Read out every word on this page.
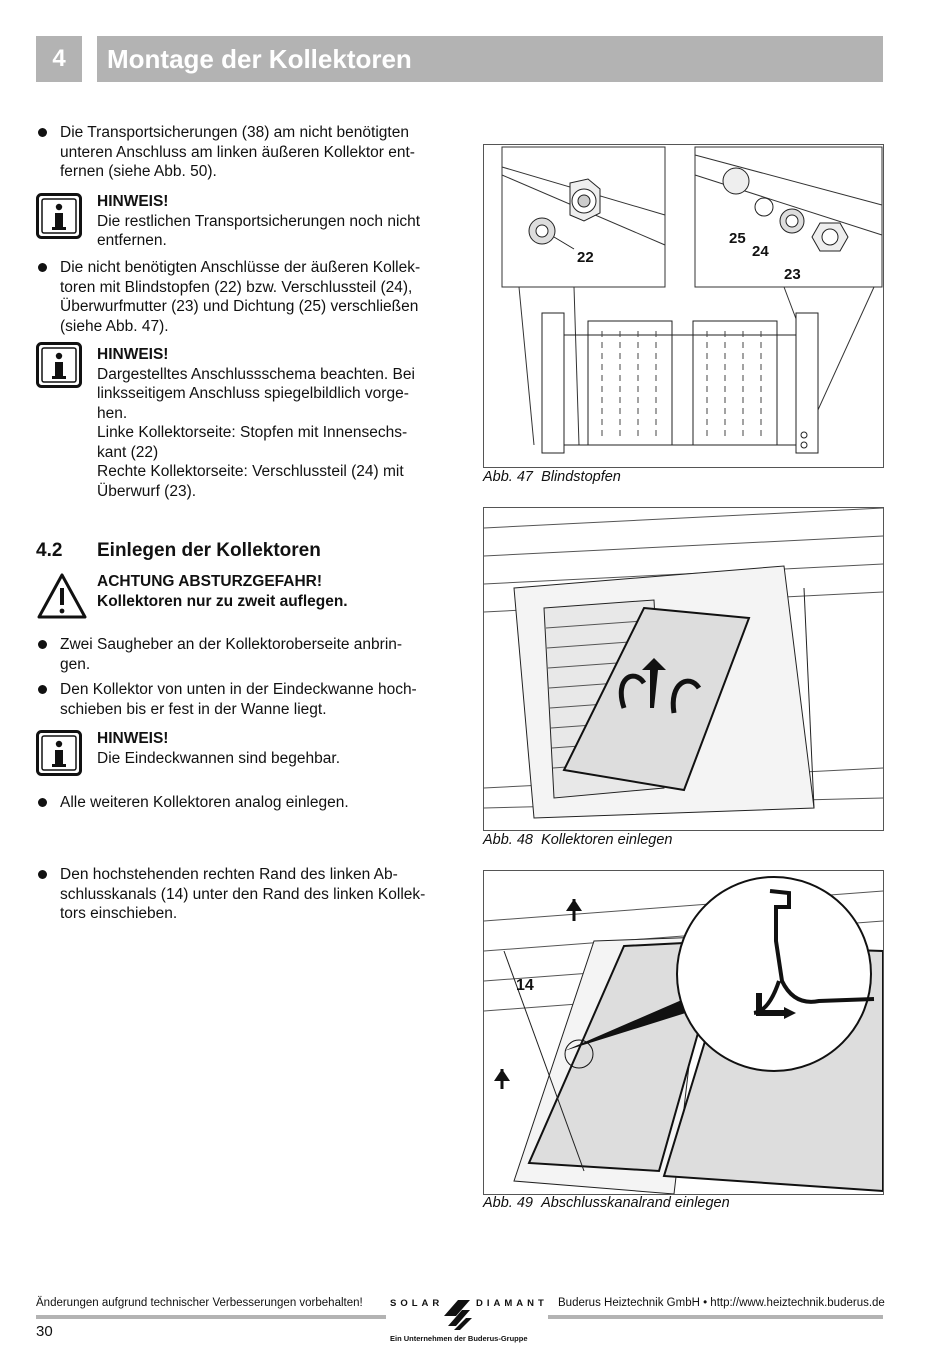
4	Montage der Kollektoren
Die Transportsicherungen (38) am nicht benötigten
unteren Anschluss am linken äußeren Kollektor ent-
fernen (siehe Abb. 50).
HINWEIS!
Die restlichen Transportsicherungen noch nicht
entfernen.
Die nicht benötigten Anschlüsse der äußeren Kollek-
toren mit Blindstopfen (22) bzw. Verschlussteil (24),
Überwurfmutter (23) und Dichtung (25) verschließen
(siehe Abb. 47).
HINWEIS!
Dargestelltes Anschlussschema beachten. Bei
linksseitigem Anschluss spiegelbildlich vorge-
hen.
Linke Kollektorseite: Stopfen mit Innensechs-
kant (22)
Rechte Kollektorseite: Verschlussteil (24) mit
Überwurf (23).
4.2 Einlegen der Kollektoren
ACHTUNG ABSTURZGEFAHR!
Kollektoren nur zu zweit auflegen.
Zwei Saugheber an der Kollektoroberseite anbrin-
gen.
Den Kollektor von unten in der Eindeckwanne hoch-
schieben bis er fest in der Wanne liegt.
HINWEIS!
Die Eindeckwannen sind begehbar.
Alle weiteren Kollektoren analog einlegen.
Den hochstehenden rechten Rand des linken Ab-
schlusskanals (14) unter den Rand des linken Kollek-
tors einschieben.
22
25
24
23
Abb. 47 Blindstopfen
Abb. 48 Kollektoren einlegen
14
Abb. 49 Abschlusskanalrand einlegen
Änderungen aufgrund technischer Verbesserungen vorbehalten!	Buderus Heiztechnik GmbH • http://www.heiztechnik.buderus.de
SOLAR	DIAMANT
Ein Unternehmen der Buderus-Gruppe
30
